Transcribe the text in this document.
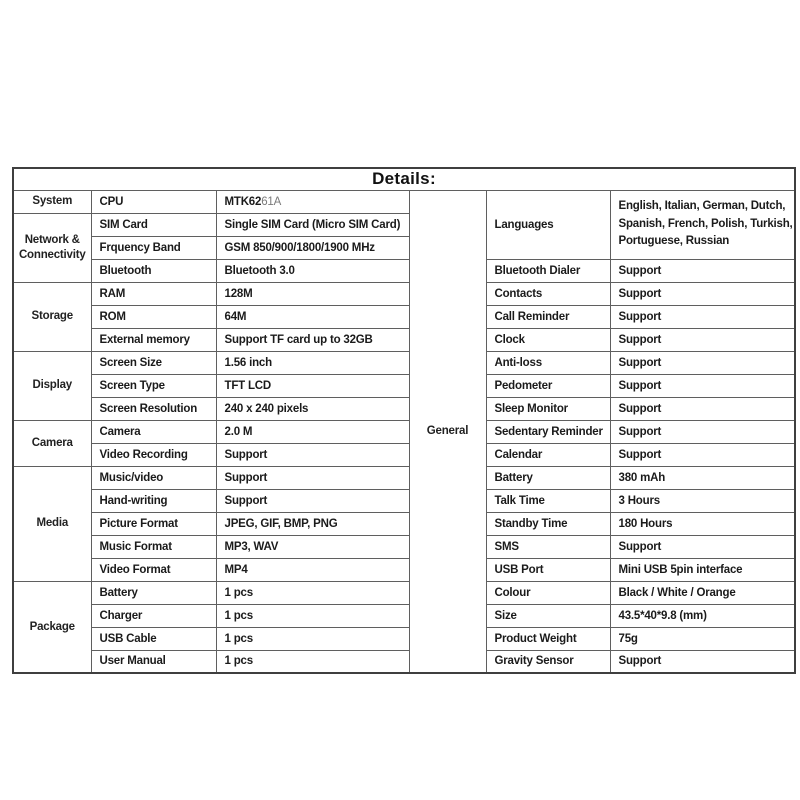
Details:					
System	CPU	MTK6261A	General	Languages	English, Italian, German, Dutch,
Spanish, French, Polish, Turkish,
Portuguese, Russian

Network & Connectivity	SIM Card	Single SIM Card (Micro SIM Card)			
	Frquency Band	GSM 850/900/1800/1900 MHz			
	Bluetooth	Bluetooth 3.0		Bluetooth Dialer	Support
Storage	RAM	128M		Contacts	Support
	ROM	64M		Call Reminder	Support
	External memory	Support TF card up to 32GB		Clock	Support
Display	Screen Size	1.56 inch		Anti-loss	Support
	Screen Type	TFT LCD		Pedometer	Support
	Screen Resolution	240 x 240 pixels		Sleep Monitor	Support
Camera	Camera	2.0 M		Sedentary Reminder	Support
	Video Recording	Support		Calendar	Support
Media	Music/video	Support		Battery	380 mAh
	Hand-writing	Support		Talk Time	3 Hours
	Picture Format	JPEG, GIF, BMP, PNG		Standby Time	180 Hours
	Music Format	MP3, WAV		SMS	Support
	Video Format	MP4		USB Port	Mini USB 5pin interface
Package	Battery	1 pcs		Colour	Black / White / Orange
	Charger	1 pcs		Size	43.5*40*9.8 (mm)
	USB Cable	1 pcs		Product Weight	75g
	User Manual	1 pcs		Gravity Sensor	Support
